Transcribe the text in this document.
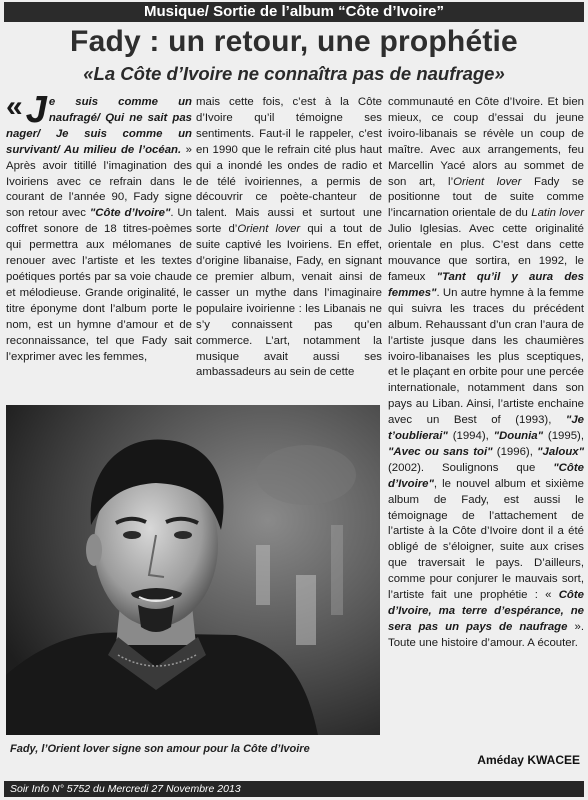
Musique/ Sortie de l’album “Côte d’Ivoire”
Fady : un retour, une prophétie
«La Côte d’Ivoire ne connaîtra pas de naufrage»

« J e suis comme un naufragé/ Qui ne sait pas nager/ Je suis comme un survivant/ Au milieu de l’océan. » Après avoir titillé l’imagination des Ivoiriens avec ce refrain dans le courant de l’année 90, Fady signe son retour avec "Côte d’Ivoire". Un coffret sonore de 18 titres-poèmes qui permettra aux mélomanes de renouer avec l’artiste et les textes poétiques portés par sa voie chaude et mélodieuse. Grande originalité, le titre éponyme dont l’album porte le nom, est un hymne d’amour et de reconnaissance, tel que Fady sait l’exprimer avec les femmes,

mais cette fois, c’est à la Côte d’Ivoire qu’il témoigne ses sentiments. Faut-il le rappeler, c’est en 1990 que le refrain cité plus haut qui a inondé les ondes de radio et de télé ivoiriennes, a permis de découvrir ce poète-chanteur de talent. Mais aussi et surtout une sorte d’Orient lover qui a tout de suite captivé les Ivoiriens. En effet, d’origine libanaise, Fady, en signant ce premier album, venait ainsi de casser un mythe dans l’imaginaire populaire ivoirienne : les Libanais ne s’y connaissent pas qu’en commerce. L’art, notamment la musique avait aussi ses ambassadeurs au sein de cette

communauté en Côte d’Ivoire. Et bien mieux, ce coup d’essai du jeune ivoiro-libanais se révèle un coup de maître. Avec aux arrangements, feu Marcellin Yacé alors au sommet de son art, l’Orient lover Fady se positionne tout de suite comme l’incarnation orientale de du Latin lover Julio Iglesias. Avec cette originalité orientale en plus. C’est dans cette mouvance que sortira, en 1992, le fameux "Tant qu’il y aura des femmes". Un autre hymne à la femme qui suivra les traces du précédent album. Rehaussant d’un cran l’aura de l’artiste jusque dans les chaumières ivoiro-libanaises les plus sceptiques, et le plaçant en orbite pour une percée internationale, notamment dans son pays au Liban. Ainsi, l’artiste enchaine avec un Best of (1993), "Je t’oublierai" (1994), "Dounia" (1995), "Avec ou sans toi" (1996), "Jaloux" (2002). Soulignons que "Côte d’Ivoire", le nouvel album et sixième album de Fady, est aussi le témoignage de l’attachement de l’artiste à la Côte d’Ivoire dont il a été obligé de s’éloigner, suite aux crises que traversait le pays. D’ailleurs, comme pour conjurer le mauvais sort, l’artiste fait une prophétie : « Côte d’Ivoire, ma terre d’espérance, ne sera pas un pays de naufrage ». Toute une histoire d’amour. A écouter.

Fady, l’Orient lover signe son amour pour la Côte d’Ivoire
Améday KWACEE
Soir Info N° 5752 du Mercredi 27 Novembre 2013
